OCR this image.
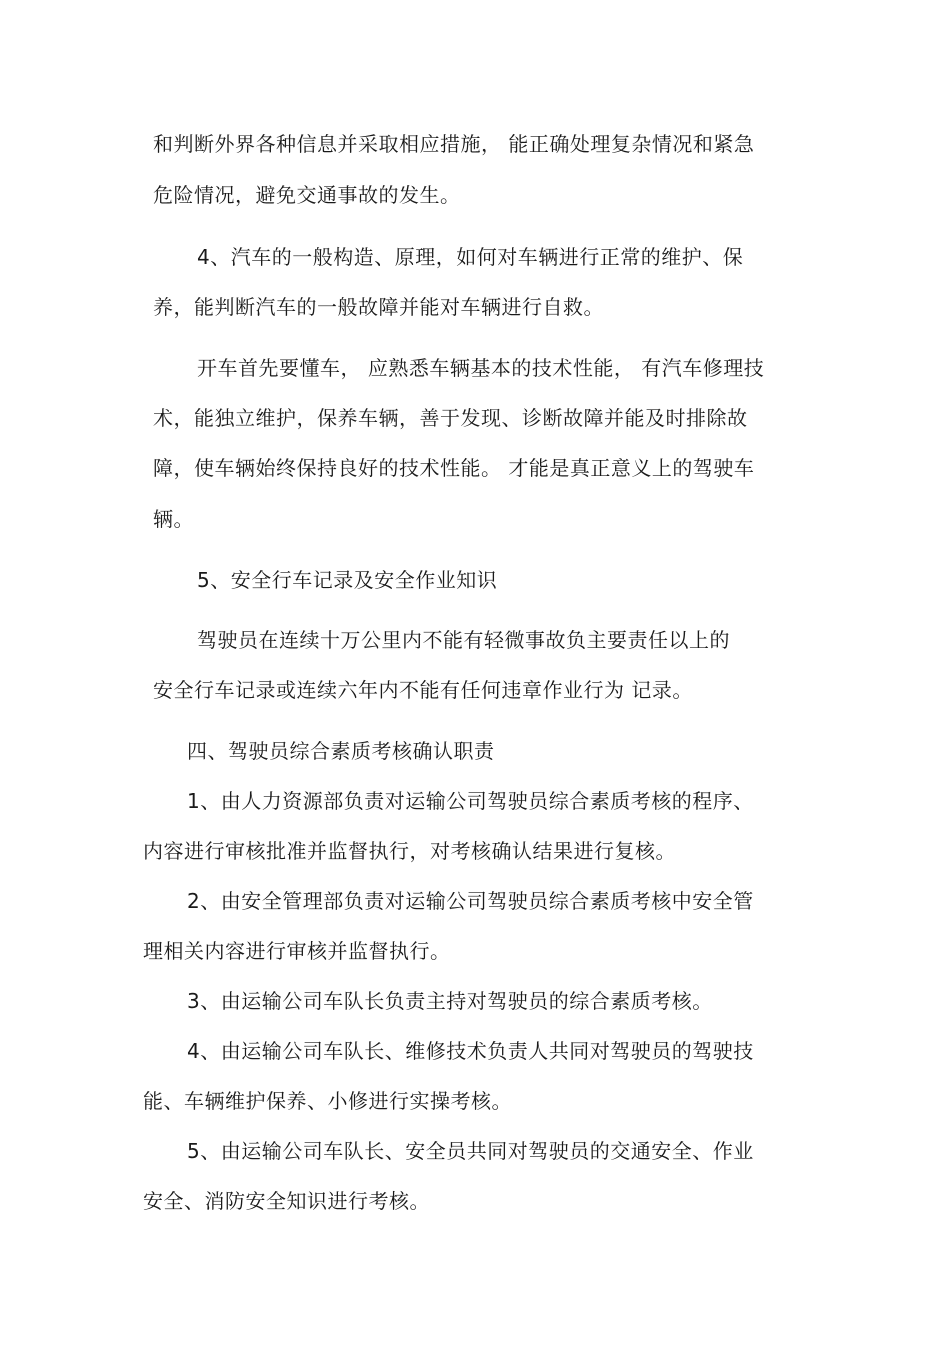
和判断外界各种信息并采取相应措施， 能正确处理复杂情况和紧急
危险情况，避免交通事故的发生。
4、汽车的一般构造、原理，如何对车辆进行正常的维护、保
养，能判断汽车的一般故障并能对车辆进行自救。
开车首先要懂车， 应熟悉车辆基本的技术性能， 有汽车修理技
术，能独立维护，保养车辆，善于发现、诊断故障并能及时排除故
障，使车辆始终保持良好的技术性能。 才能是真正意义上的驾驶车
辆。
5、安全行车记录及安全作业知识
驾驶员在连续十万公里内不能有轻微事故负主要责任以上的
安全行车记录或连续六年内不能有任何违章作业行为 记录。
四、驾驶员综合素质考核确认职责
1、由人力资源部负责对运输公司驾驶员综合素质考核的程序、
内容进行审核批准并监督执行，对考核确认结果进行复核。
2、由安全管理部负责对运输公司驾驶员综合素质考核中安全管
理相关内容进行审核并监督执行。
3、由运输公司车队长负责主持对驾驶员的综合素质考核。
4、由运输公司车队长、维修技术负责人共同对驾驶员的驾驶技
能、车辆维护保养、小修进行实操考核。
5、由运输公司车队长、安全员共同对驾驶员的交通安全、作业
安全、消防安全知识进行考核。
